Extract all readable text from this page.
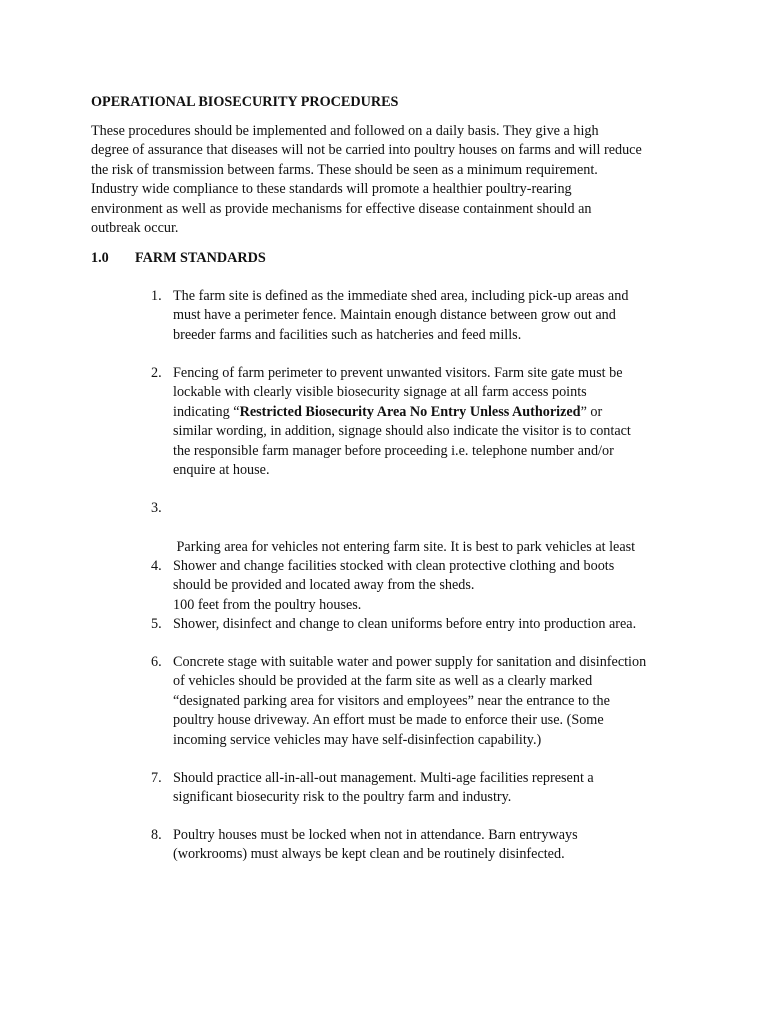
OPERATIONAL BIOSECURITY PROCEDURES
These procedures should be implemented and followed on a daily basis. They give a high
degree of assurance that diseases will not be carried into poultry houses on farms and will reduce
the risk of transmission between farms. These should be seen as a minimum requirement.
Industry wide compliance to these standards will promote a healthier poultry-rearing
environment as well as provide mechanisms for effective disease containment should an
outbreak occur.
1.0 FARM STANDARDS
1. The farm site is defined as the immediate shed area, including pick-up areas and
must have a perimeter fence. Maintain enough distance between grow out and
breeder farms and facilities such as hatcheries and feed mills.
2. Fencing of farm perimeter to prevent unwanted visitors. Farm site gate must be
lockable with clearly visible biosecurity signage at all farm access points
indicating “Restricted Biosecurity Area No Entry Unless Authorized” or
similar wording, in addition, signage should also indicate the visitor is to contact
the responsible farm manager before proceeding i.e. telephone number and/or
enquire at house.
3.

Parking area for vehicles not entering farm site. It is best to park vehicles at least

100 feet from the poultry houses.

4. Shower and change facilities stocked with clean protective clothing and boots
should be provided and located away from the sheds.
5. Shower, disinfect and change to clean uniforms before entry into production area.
6. Concrete stage with suitable water and power supply for sanitation and disinfection
of vehicles should be provided at the farm site as well as a clearly marked
“designated parking area for visitors and employees” near the entrance to the
poultry house driveway. An effort must be made to enforce their use. (Some
incoming service vehicles may have self-disinfection capability.)
7. Should practice all-in-all-out management. Multi-age facilities represent a
significant biosecurity risk to the poultry farm and industry.
8. Poultry houses must be locked when not in attendance. Barn entryways
(workrooms) must always be kept clean and be routinely disinfected.
